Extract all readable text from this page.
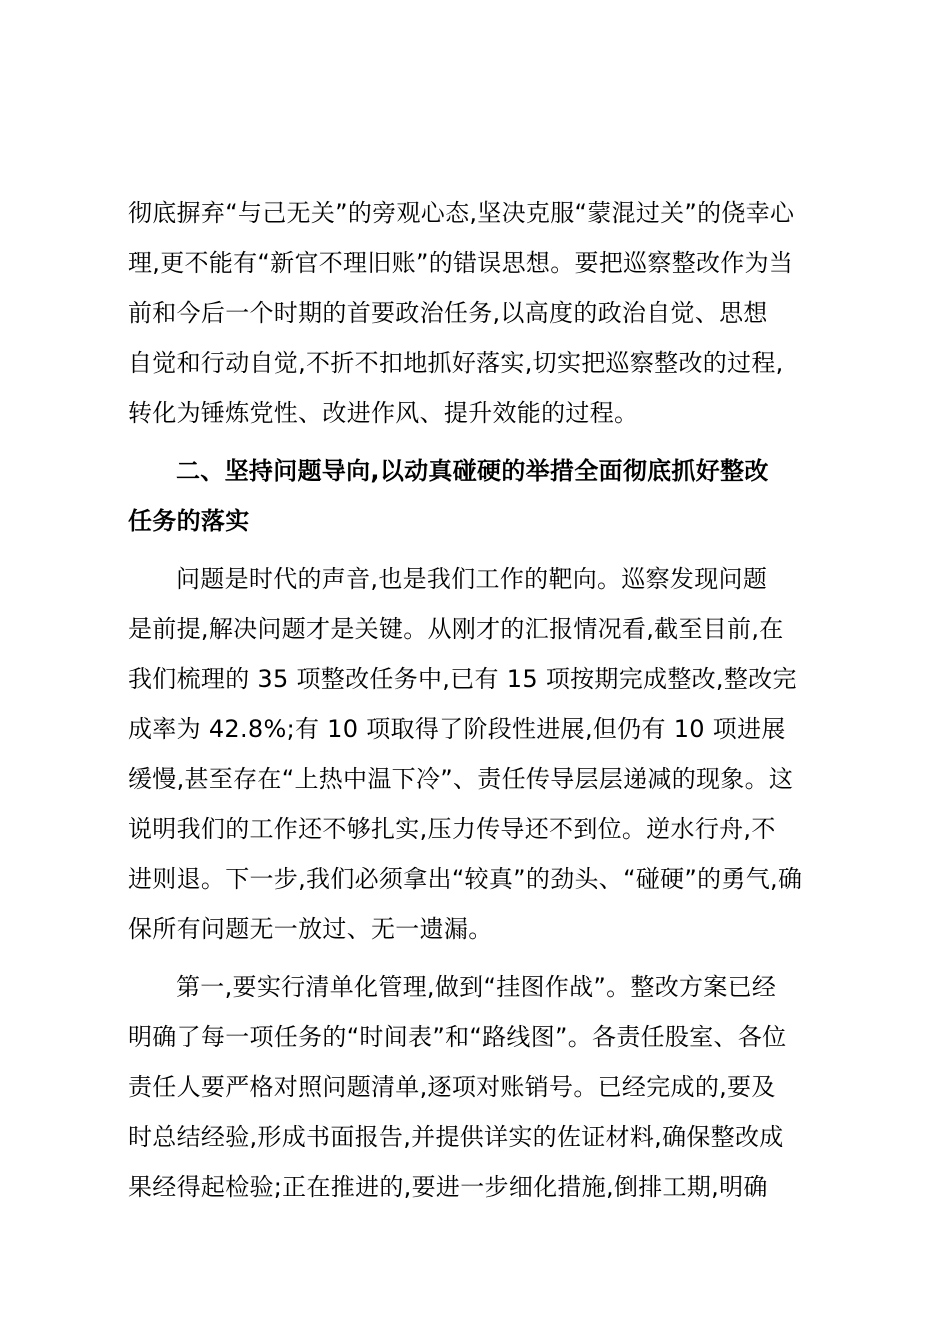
彻底摒弃“与己无关”的旁观心态,坚决克服“蒙混过关”的侥幸心
理,更不能有“新官不理旧账”的错误思想。要把巡察整改作为当
前和今后一个时期的首要政治任务,以高度的政治自觉、思想
自觉和行动自觉,不折不扣地抓好落实,切实把巡察整改的过程,
转化为锤炼党性、改进作风、提升效能的过程。
二、坚持问题导向,以动真碰硬的举措全面彻底抓好整改
任务的落实
问题是时代的声音,也是我们工作的靶向。巡察发现问题
是前提,解决问题才是关键。从刚才的汇报情况看,截至目前,在
我们梳理的 35 项整改任务中,已有 15 项按期完成整改,整改完
成率为 42.8%;有 10 项取得了阶段性进展,但仍有 10 项进展
缓慢,甚至存在“上热中温下冷”、责任传导层层递减的现象。这
说明我们的工作还不够扎实,压力传导还不到位。逆水行舟,不
进则退。下一步,我们必须拿出“较真”的劲头、“碰硬”的勇气,确
保所有问题无一放过、无一遗漏。
第一,要实行清单化管理,做到“挂图作战”。整改方案已经
明确了每一项任务的“时间表”和“路线图”。各责任股室、各位
责任人要严格对照问题清单,逐项对账销号。已经完成的,要及
时总结经验,形成书面报告,并提供详实的佐证材料,确保整改成
果经得起检验;正在推进的,要进一步细化措施,倒排工期,明确
